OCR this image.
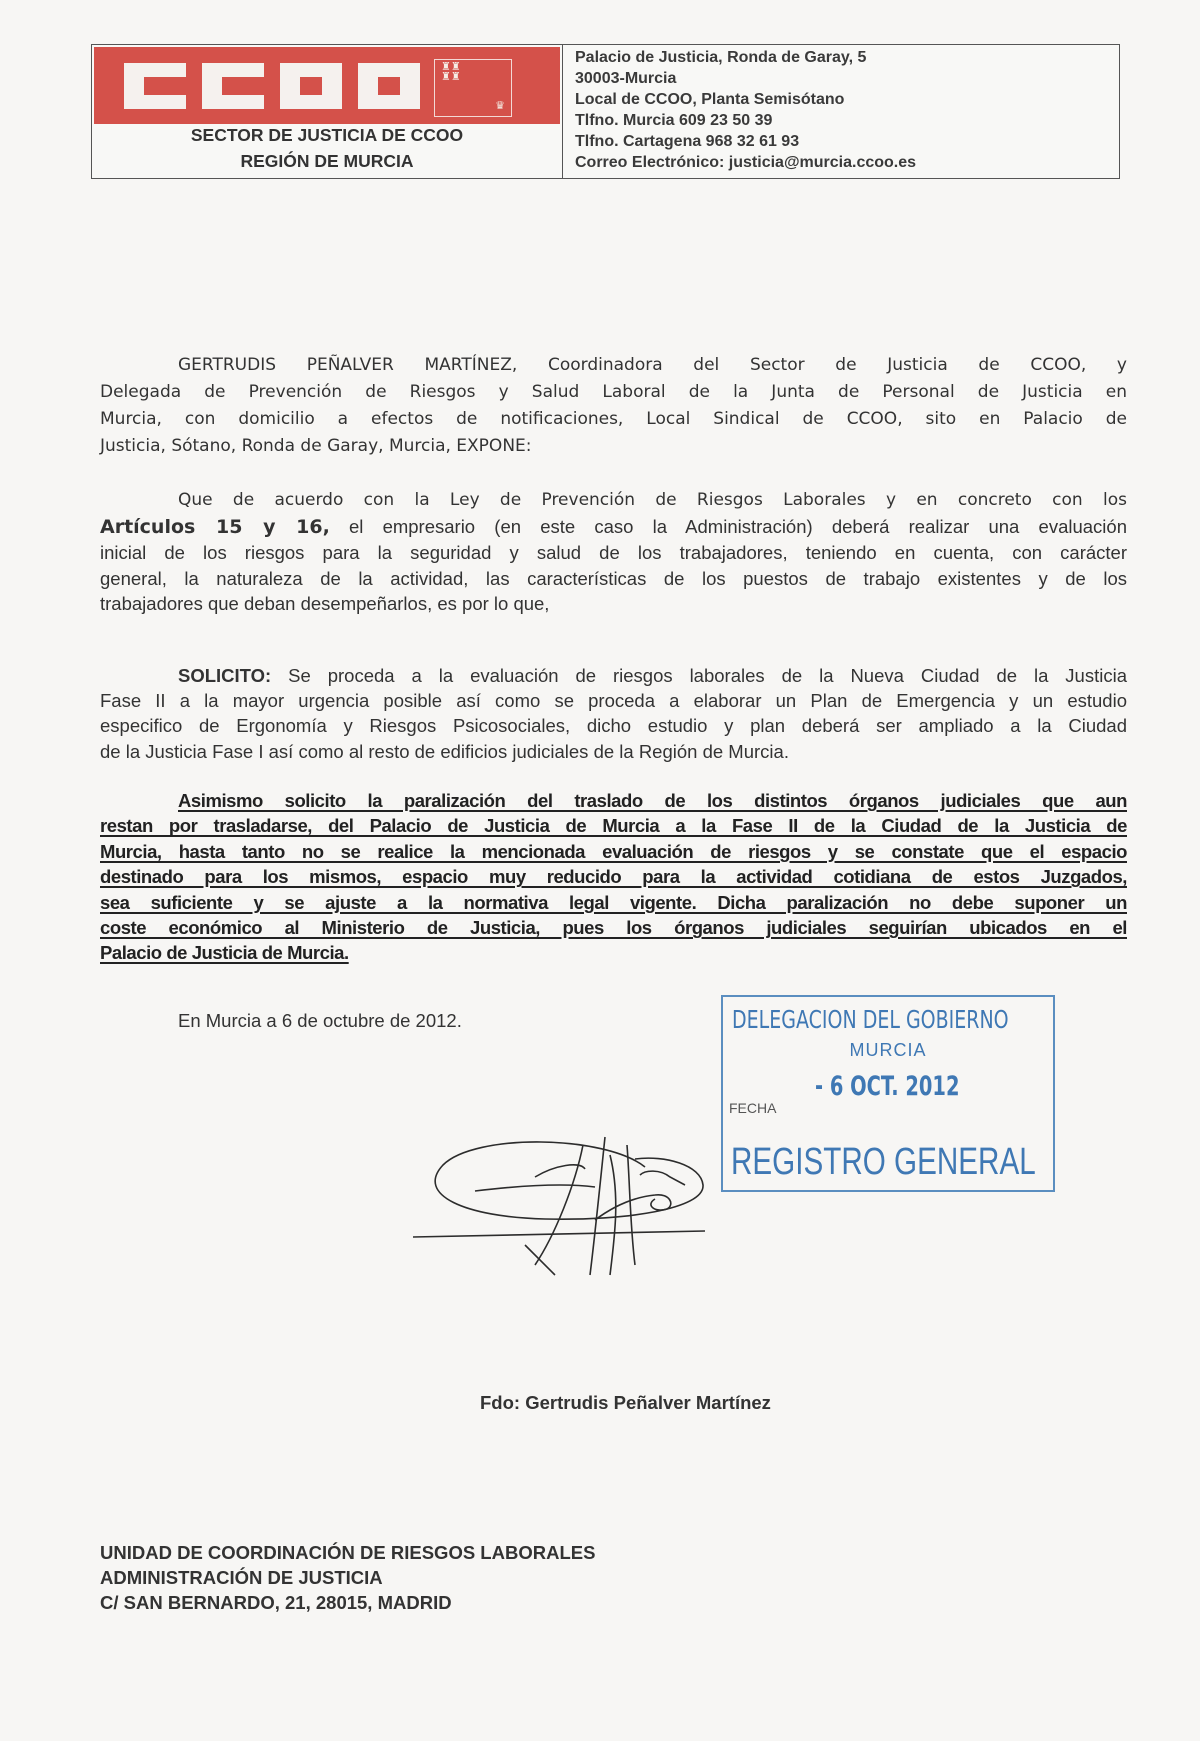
♜♜
♜♜
♛
SECTOR DE JUSTICIA DE CCOO
REGIÓN DE MURCIA
Palacio de Justicia, Ronda de Garay, 5
30003-Murcia
Local de CCOO, Planta Semisótano
Tlfno. Murcia 609 23 50 39
Tlfno. Cartagena 968 32 61 93
Correo Electrónico: justicia@murcia.ccoo.es
GERTRUDIS PEÑALVER MARTÍNEZ, Coordinadora del Sector de Justicia de CCOO, y
Delegada de Prevención de Riesgos y Salud Laboral de la Junta de Personal de Justicia en
Murcia, con domicilio a efectos de notificaciones, Local Sindical de CCOO, sito en Palacio de
Justicia, Sótano, Ronda de Garay, Murcia, EXPONE:
Que de acuerdo con la Ley de Prevención de Riesgos Laborales y en concreto con los
Artículos 15 y 16, el empresario (en este caso la Administración) deberá realizar una evaluación
inicial de los riesgos para la seguridad y salud de los trabajadores, teniendo en cuenta, con carácter
general, la naturaleza de la actividad, las características de los puestos de trabajo existentes y de los
trabajadores que deban desempeñarlos, es por lo que,
SOLICITO: Se proceda a la evaluación de riesgos laborales de la Nueva Ciudad de la Justicia
Fase II a la mayor urgencia posible así como se proceda a elaborar un Plan de Emergencia y un estudio
especifico de Ergonomía y Riesgos Psicosociales, dicho estudio y plan deberá ser ampliado a la Ciudad
de la Justicia Fase I así como al resto de edificios judiciales de la Región de Murcia.
Asimismo solicito la paralización del traslado de los distintos órganos judiciales que aun
restan por trasladarse, del Palacio de Justicia de Murcia a la Fase II de la Ciudad de la Justicia de
Murcia, hasta tanto no se realice la mencionada evaluación de riesgos y se constate que el espacio
destinado para los mismos, espacio muy reducido para la actividad cotidiana de estos Juzgados,
sea suficiente y se ajuste a la normativa legal vigente. Dicha paralización no debe suponer un
coste económico al Ministerio de Justicia, pues los órganos judiciales seguirían ubicados en el
Palacio de Justicia de Murcia.
En Murcia a 6 de octubre de 2012.	DELEGACION DEL GOBIERNO
MURCIA
FECHA
- 6 OCT. 2012
REGISTRO GENERAL
Fdo: Gertrudis Peñalver Martínez
UNIDAD DE COORDINACIÓN DE RIESGOS LABORALES
ADMINISTRACIÓN DE JUSTICIA
C/ SAN BERNARDO, 21, 28015, MADRID
